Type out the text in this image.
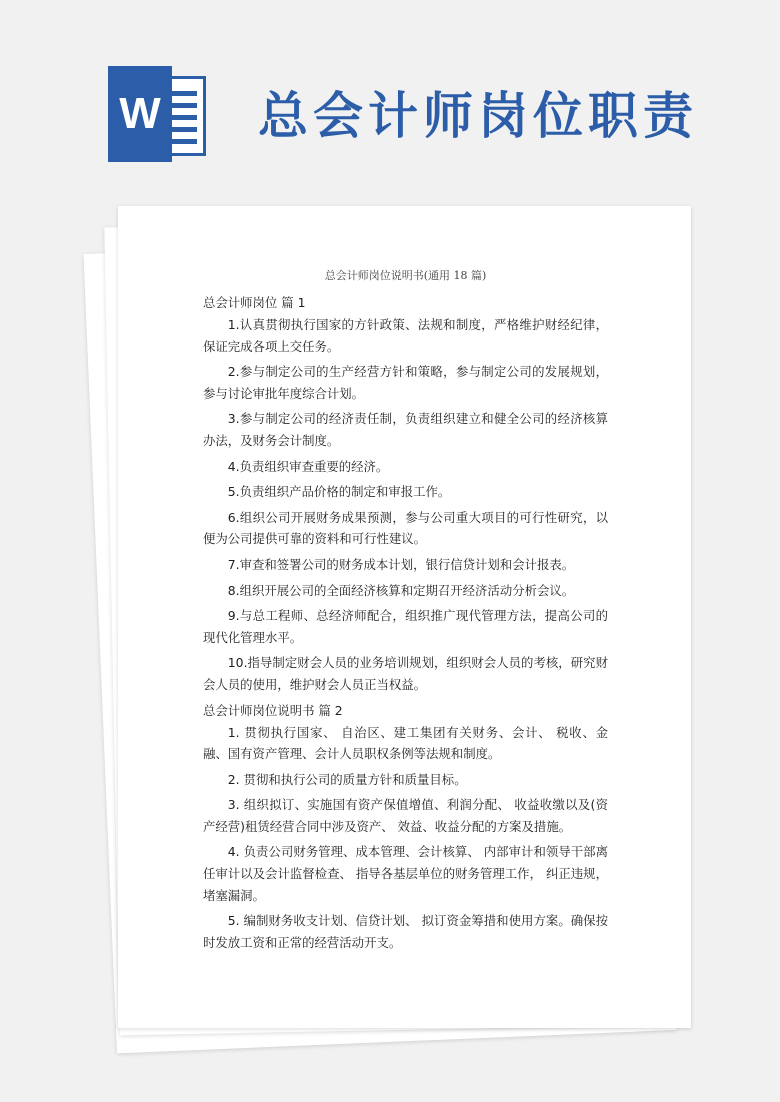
W 总会计师岗位职责

总会计师岗位说明书(通用 18 篇)

总会计师岗位 篇 1

1.认真贯彻执行国家的方针政策、法规和制度，严格维护财经纪律，保证完成各项上交任务。

2.参与制定公司的生产经营方针和策略，参与制定公司的发展规划，参与讨论审批年度综合计划。

3.参与制定公司的经济责任制，负责组织建立和健全公司的经济核算办法，及财务会计制度。

4.负责组织审查重要的经济。

5.负责组织产品价格的制定和审报工作。

6.组织公司开展财务成果预测，参与公司重大项目的可行性研究，以便为公司提供可靠的资料和可行性建议。

7.审查和签署公司的财务成本计划，银行信贷计划和会计报表。

8.组织开展公司的全面经济核算和定期召开经济活动分析会议。

9.与总工程师、总经济师配合，组织推广现代管理方法，提高公司的现代化管理水平。

10.指导制定财会人员的业务培训规划，组织财会人员的考核，研究财会人员的使用，维护财会人员正当权益。

总会计师岗位说明书 篇 2

1. 贯彻执行国家、 自治区、建工集团有关财务、会计、 税收、金融、国有资产管理、会计人员职权条例等法规和制度。

2. 贯彻和执行公司的质量方针和质量目标。

3. 组织拟订、实施国有资产保值增值、利润分配、 收益收缴以及(资产经营)租赁经营合同中涉及资产、 效益、收益分配的方案及措施。

4. 负责公司财务管理、成本管理、会计核算、 内部审计和领导干部离任审计以及会计监督检查、 指导各基层单位的财务管理工作， 纠正违规， 堵塞漏洞。

5. 编制财务收支计划、信贷计划、 拟订资金筹措和使用方案。确保按时发放工资和正常的经营活动开支。
